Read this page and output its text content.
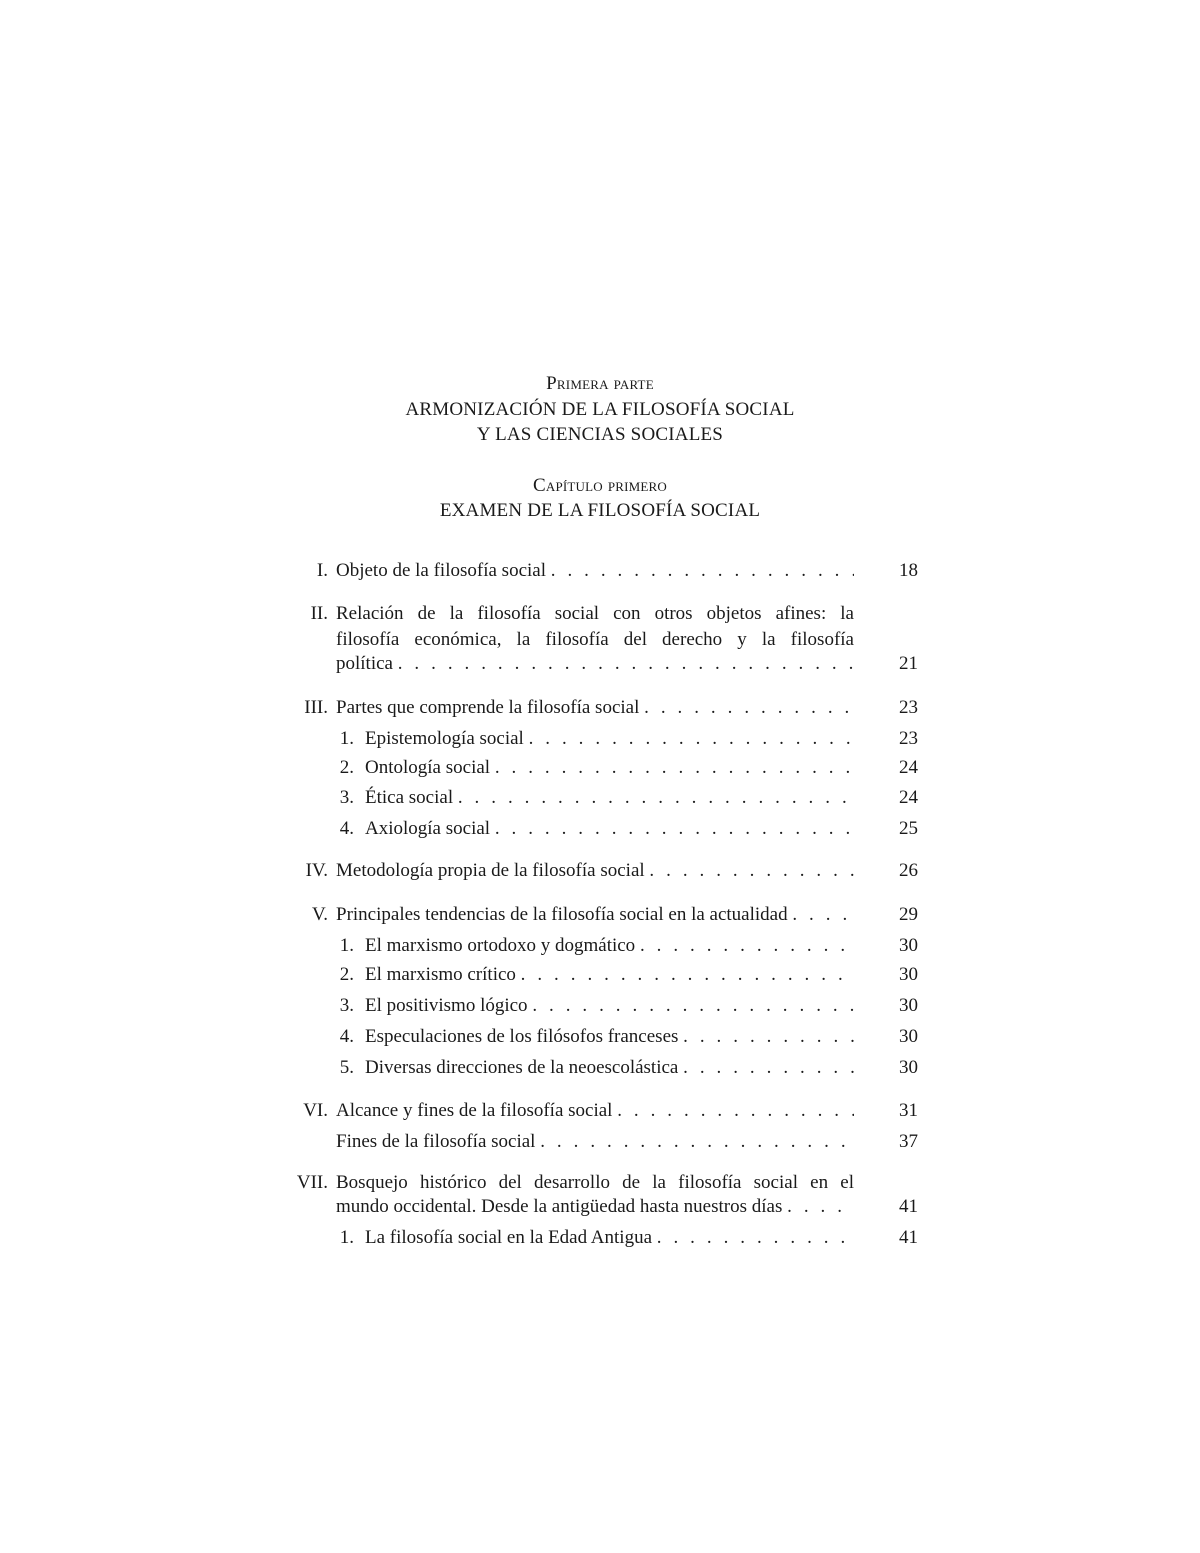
Primera parte
ARMONIZACIÓN DE LA FILOSOFÍA SOCIAL
Y LAS CIENCIAS SOCIALES
Capítulo primero
EXAMEN DE LA FILOSOFÍA SOCIAL
I. Objeto de la filosofía social . . .	18
II. Relación de la filosofía social con otros objetos afines: la
filosofía económica, la filosofía del derecho y la filosofía
política . . .	21
III. Partes que comprende la filosofía social . . .	23
1. Epistemología social . . .	23
2. Ontología social . . .	24
3. Ética social . . .	24
4. Axiología social . . .	25
IV. Metodología propia de la filosofía social . . .	26
V. Principales tendencias de la filosofía social en la actualidad . . .	29
1. El marxismo ortodoxo y dogmático . . .	30
2. El marxismo crítico . . .	30
3. El positivismo lógico . . .	30
4. Especulaciones de los filósofos franceses . . .	30
5. Diversas direcciones de la neoescolástica . . .	30
VI. Alcance y fines de la filosofía social . . .	31
Fines de la filosofía social . . .	37
VII. Bosquejo histórico del desarrollo de la filosofía social en el
mundo occidental. Desde la antigüedad hasta nuestros días . . .	41
1. La filosofía social en la Edad Antigua . . .	41
